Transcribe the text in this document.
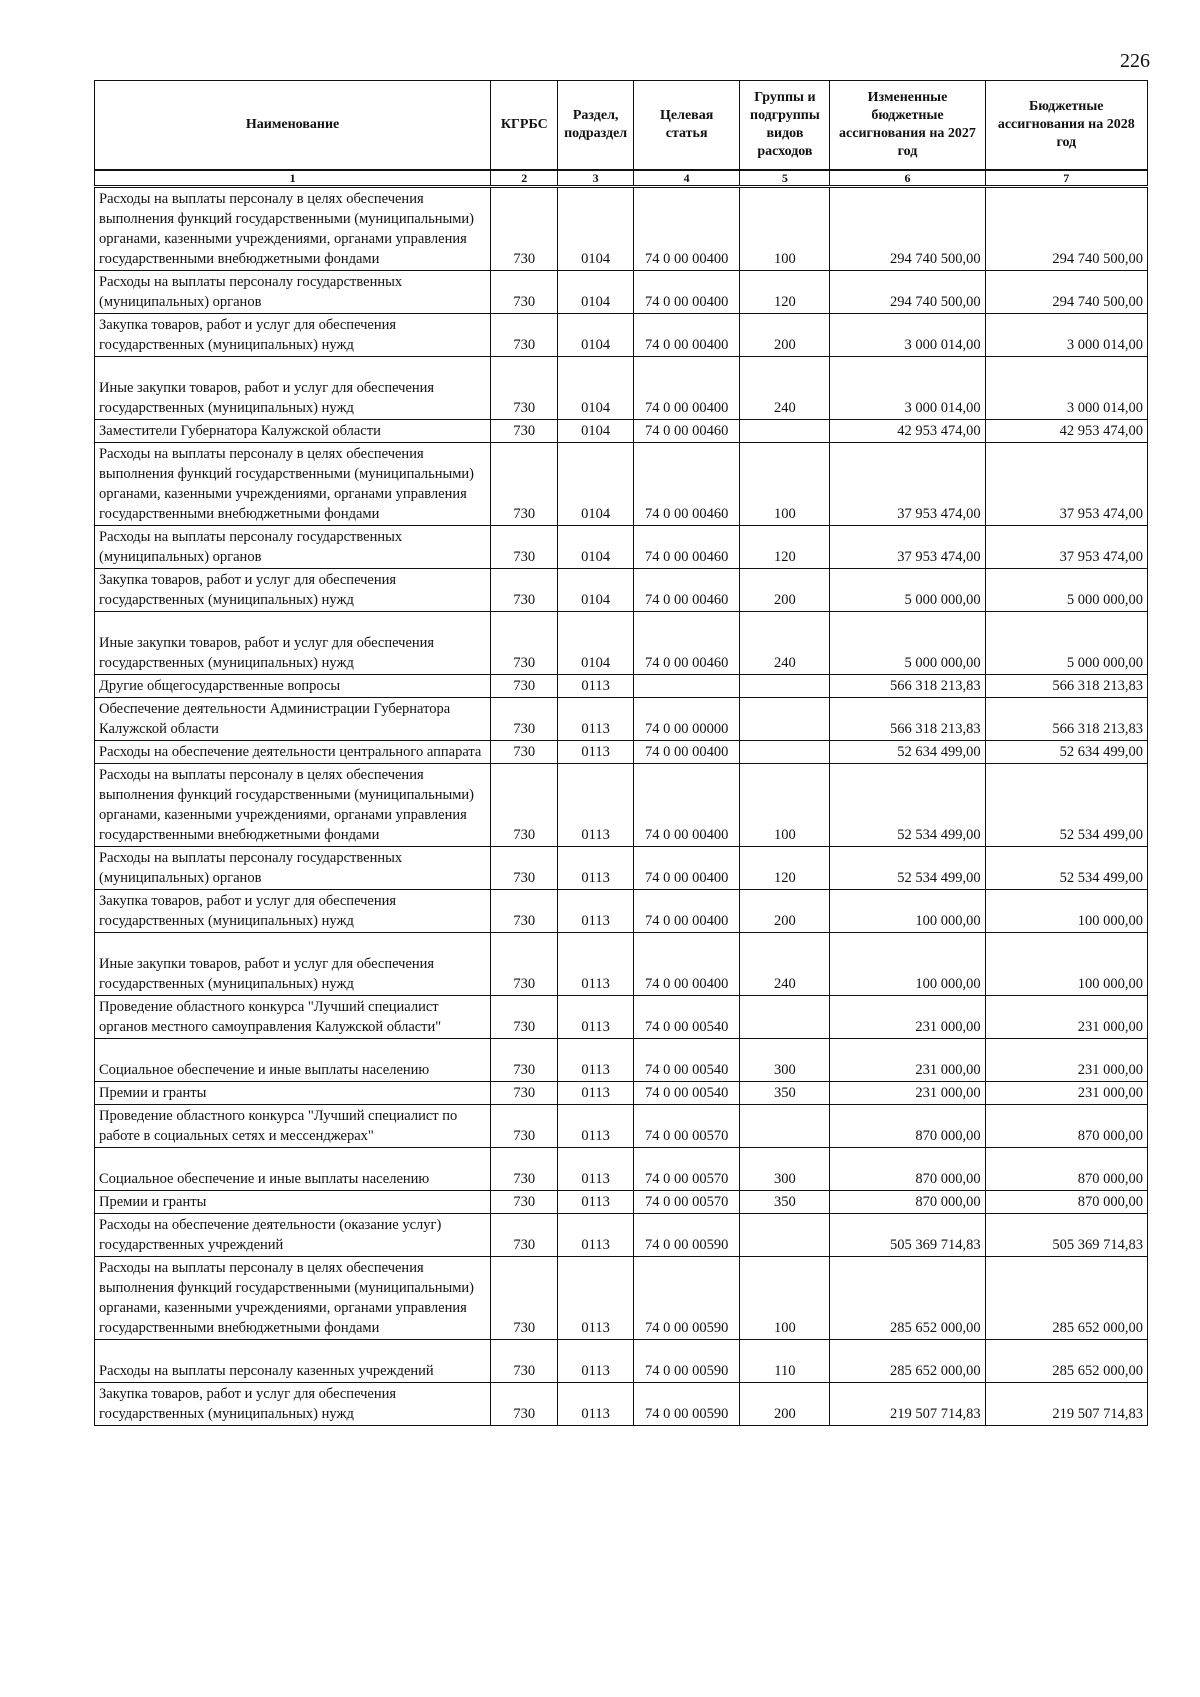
226
Наименование	КГРБС	Раздел, подраздел	Целевая статья	Группы и подгруппы видов расходов	Измененные бюджетные ассигнования на 2027 год	Бюджетные ассигнования на 2028 год
1	2	3	4	5	6	7
Расходы на выплаты персоналу в целях обеспечения выполнения функций государственными (муниципальными) органами, казенными учреждениями, органами управления государственными внебюджетными фондами	730	0104	74 0 00 00400	100	294 740 500,00	294 740 500,00
Расходы на выплаты персоналу государственных (муниципальных) органов	730	0104	74 0 00 00400	120	294 740 500,00	294 740 500,00
Закупка товаров, работ и услуг для обеспечения государственных (муниципальных) нужд	730	0104	74 0 00 00400	200	3 000 014,00	3 000 014,00
Иные закупки товаров, работ и услуг для обеспечения государственных (муниципальных) нужд	730	0104	74 0 00 00400	240	3 000 014,00	3 000 014,00
Заместители Губернатора Калужской области	730	0104	74 0 00 00460		42 953 474,00	42 953 474,00
Расходы на выплаты персоналу в целях обеспечения выполнения функций государственными (муниципальными) органами, казенными учреждениями, органами управления государственными внебюджетными фондами	730	0104	74 0 00 00460	100	37 953 474,00	37 953 474,00
Расходы на выплаты персоналу государственных (муниципальных) органов	730	0104	74 0 00 00460	120	37 953 474,00	37 953 474,00
Закупка товаров, работ и услуг для обеспечения государственных (муниципальных) нужд	730	0104	74 0 00 00460	200	5 000 000,00	5 000 000,00
Иные закупки товаров, работ и услуг для обеспечения государственных (муниципальных) нужд	730	0104	74 0 00 00460	240	5 000 000,00	5 000 000,00
Другие общегосударственные вопросы	730	0113			566 318 213,83	566 318 213,83
Обеспечение деятельности Администрации Губернатора Калужской области	730	0113	74 0 00 00000		566 318 213,83	566 318 213,83
Расходы на обеспечение деятельности центрального аппарата	730	0113	74 0 00 00400		52 634 499,00	52 634 499,00
Расходы на выплаты персоналу в целях обеспечения выполнения функций государственными (муниципальными) органами, казенными учреждениями, органами управления государственными внебюджетными фондами	730	0113	74 0 00 00400	100	52 534 499,00	52 534 499,00
Расходы на выплаты персоналу государственных (муниципальных) органов	730	0113	74 0 00 00400	120	52 534 499,00	52 534 499,00
Закупка товаров, работ и услуг для обеспечения государственных (муниципальных) нужд	730	0113	74 0 00 00400	200	100 000,00	100 000,00
Иные закупки товаров, работ и услуг для обеспечения государственных (муниципальных) нужд	730	0113	74 0 00 00400	240	100 000,00	100 000,00
Проведение областного конкурса "Лучший специалист органов местного самоуправления Калужской области"	730	0113	74 0 00 00540		231 000,00	231 000,00
Социальное обеспечение и иные выплаты населению	730	0113	74 0 00 00540	300	231 000,00	231 000,00
Премии и гранты	730	0113	74 0 00 00540	350	231 000,00	231 000,00
Проведение областного конкурса "Лучший специалист по работе в социальных сетях и мессенджерах"	730	0113	74 0 00 00570		870 000,00	870 000,00
Социальное обеспечение и иные выплаты населению	730	0113	74 0 00 00570	300	870 000,00	870 000,00
Премии и гранты	730	0113	74 0 00 00570	350	870 000,00	870 000,00
Расходы на обеспечение деятельности (оказание услуг) государственных учреждений	730	0113	74 0 00 00590		505 369 714,83	505 369 714,83
Расходы на выплаты персоналу в целях обеспечения выполнения функций государственными (муниципальными) органами, казенными учреждениями, органами управления государственными внебюджетными фондами	730	0113	74 0 00 00590	100	285 652 000,00	285 652 000,00
Расходы на выплаты персоналу казенных учреждений	730	0113	74 0 00 00590	110	285 652 000,00	285 652 000,00
Закупка товаров, работ и услуг для обеспечения государственных (муниципальных) нужд	730	0113	74 0 00 00590	200	219 507 714,83	219 507 714,83
